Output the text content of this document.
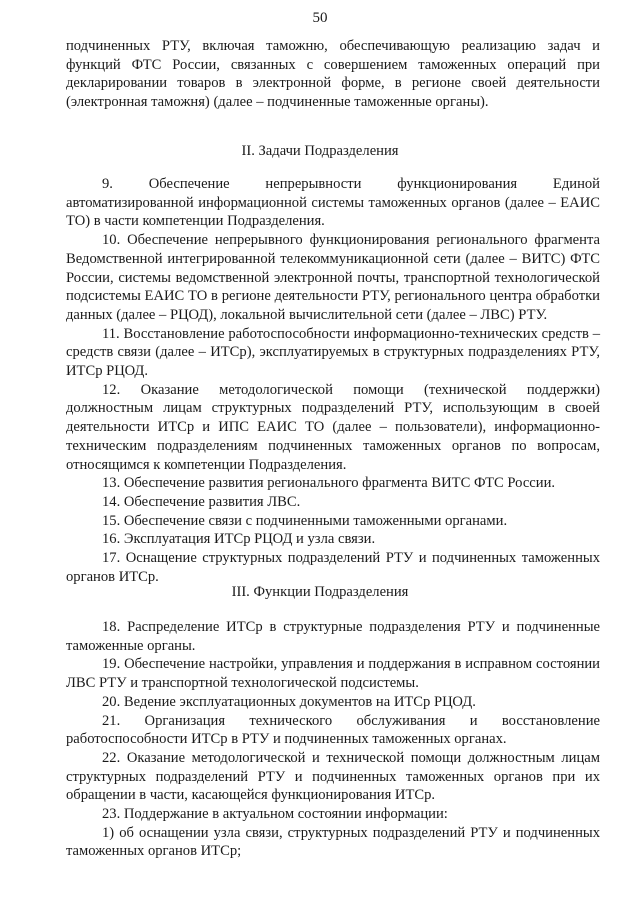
50

подчиненных РТУ, включая таможню, обеспечивающую реализацию задач и функций ФТС России, связанных с совершением таможенных операций при декларировании товаров в электронной форме, в регионе своей деятельности (электронная таможня) (далее – подчиненные таможенные органы).

II. Задачи Подразделения

9. Обеспечение непрерывности функционирования Единой автоматизированной информационной системы таможенных органов (далее – ЕАИС ТО) в части компетенции Подразделения.

10. Обеспечение непрерывного функционирования регионального фрагмента Ведомственной интегрированной телекоммуникационной сети (далее – ВИТС) ФТС России, системы ведомственной электронной почты, транспортной технологической подсистемы ЕАИС ТО в регионе деятельности РТУ, регионального центра обработки данных (далее – РЦОД), локальной вычислительной сети (далее – ЛВС) РТУ.

11. Восстановление работоспособности информационно-технических средств – средств связи (далее – ИТСр), эксплуатируемых в структурных подразделениях РТУ, ИТСр РЦОД.

12. Оказание методологической помощи (технической поддержки) должностным лицам структурных подразделений РТУ, использующим в своей деятельности ИТСр и ИПС ЕАИС ТО (далее – пользователи), информационно-техническим подразделениям подчиненных таможенных органов по вопросам, относящимся к компетенции Подразделения.

13. Обеспечение развития регионального фрагмента ВИТС ФТС России.

14. Обеспечение развития ЛВС.

15. Обеспечение связи с подчиненными таможенными органами.

16. Эксплуатация ИТСр РЦОД и узла связи.

17. Оснащение структурных подразделений РТУ и подчиненных таможенных органов ИТСр.

III. Функции Подразделения

18. Распределение ИТСр в структурные подразделения РТУ и подчиненные таможенные органы.

19. Обеспечение настройки, управления и поддержания в исправном состоянии ЛВС РТУ и транспортной технологической подсистемы.

20. Ведение эксплуатационных документов на ИТСр РЦОД.

21. Организация технического обслуживания и восстановление работоспособности ИТСр в РТУ и подчиненных таможенных органах.

22. Оказание методологической и технической помощи должностным лицам структурных подразделений РТУ и подчиненных таможенных органов при их обращении в части, касающейся функционирования ИТСр.

23. Поддержание в актуальном состоянии информации:

1) об оснащении узла связи, структурных подразделений РТУ и подчиненных таможенных органов ИТСр;
